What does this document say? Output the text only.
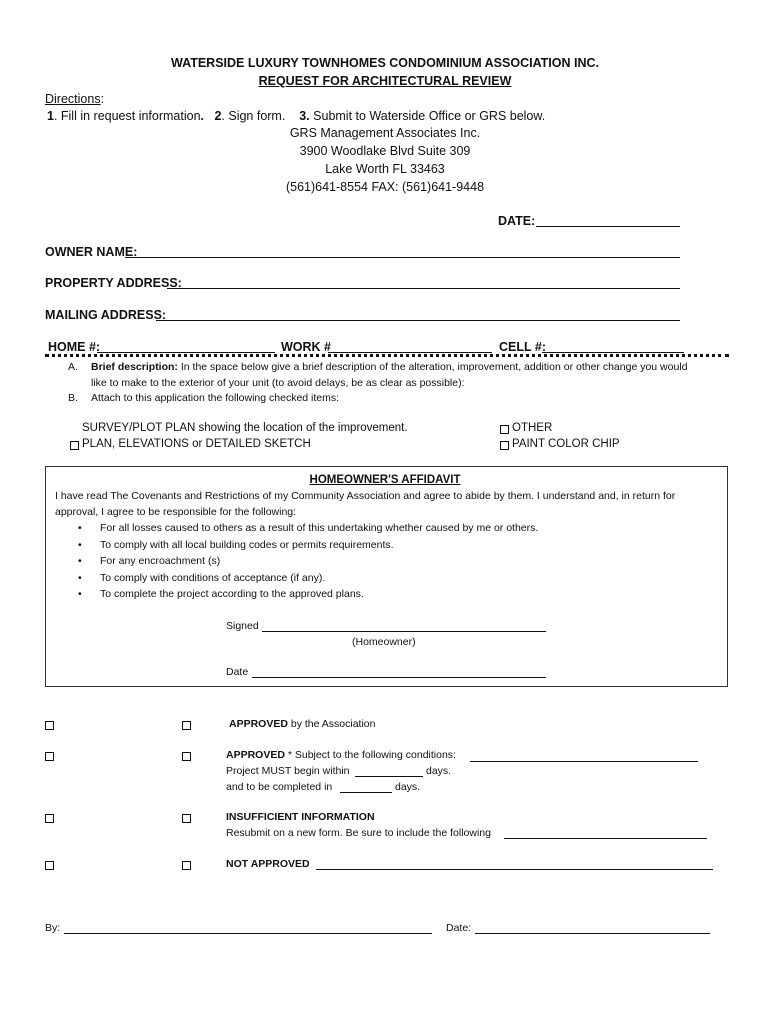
WATERSIDE LUXURY TOWNHOMES CONDOMINIUM ASSOCIATION INC.
REQUEST FOR ARCHITECTURAL REVIEW
Directions:
1. Fill in request information. 2. Sign form. 3. Submit to Waterside Office or GRS below.
GRS Management Associates Inc.
3900 Woodlake Blvd Suite 309
Lake Worth FL 33463
(561)641-8554 FAX: (561)641-9448
DATE:
OWNER NAME:
PROPERTY ADDRESS:
MAILING ADDRESS:
HOME #:	WORK #	CELL #:
A. Brief description: In the space below give a brief description of the alteration, improvement, addition or other change you would
like to make to the exterior of your unit (to avoid delays, be as clear as possible):
B. Attach to this application the following checked items:
SURVEY/PLOT PLAN showing the location of the improvement.
PLAN, ELEVATIONS or DETAILED SKETCH
OTHER
PAINT COLOR CHIP
HOMEOWNER'S AFFIDAVIT
I have read The Covenants and Restrictions of my Community Association and agree to abide by them. I understand and, in return for
approval, I agree to be responsible for the following:
• For all losses caused to others as a result of this undertaking whether caused by me or others.
• To comply with all local building codes or permits requirements.
• For any encroachment (s)
• To comply with conditions of acceptance (if any).
• To complete the project according to the approved plans.
Signed
(Homeowner)
Date
APPROVED by the Association
APPROVED * Subject to the following conditions:
Project MUST begin within	days.
and to be completed in	days.
INSUFFICIENT INFORMATION
Resubmit on a new form. Be sure to include the following
NOT APPROVED
By:	Date:
